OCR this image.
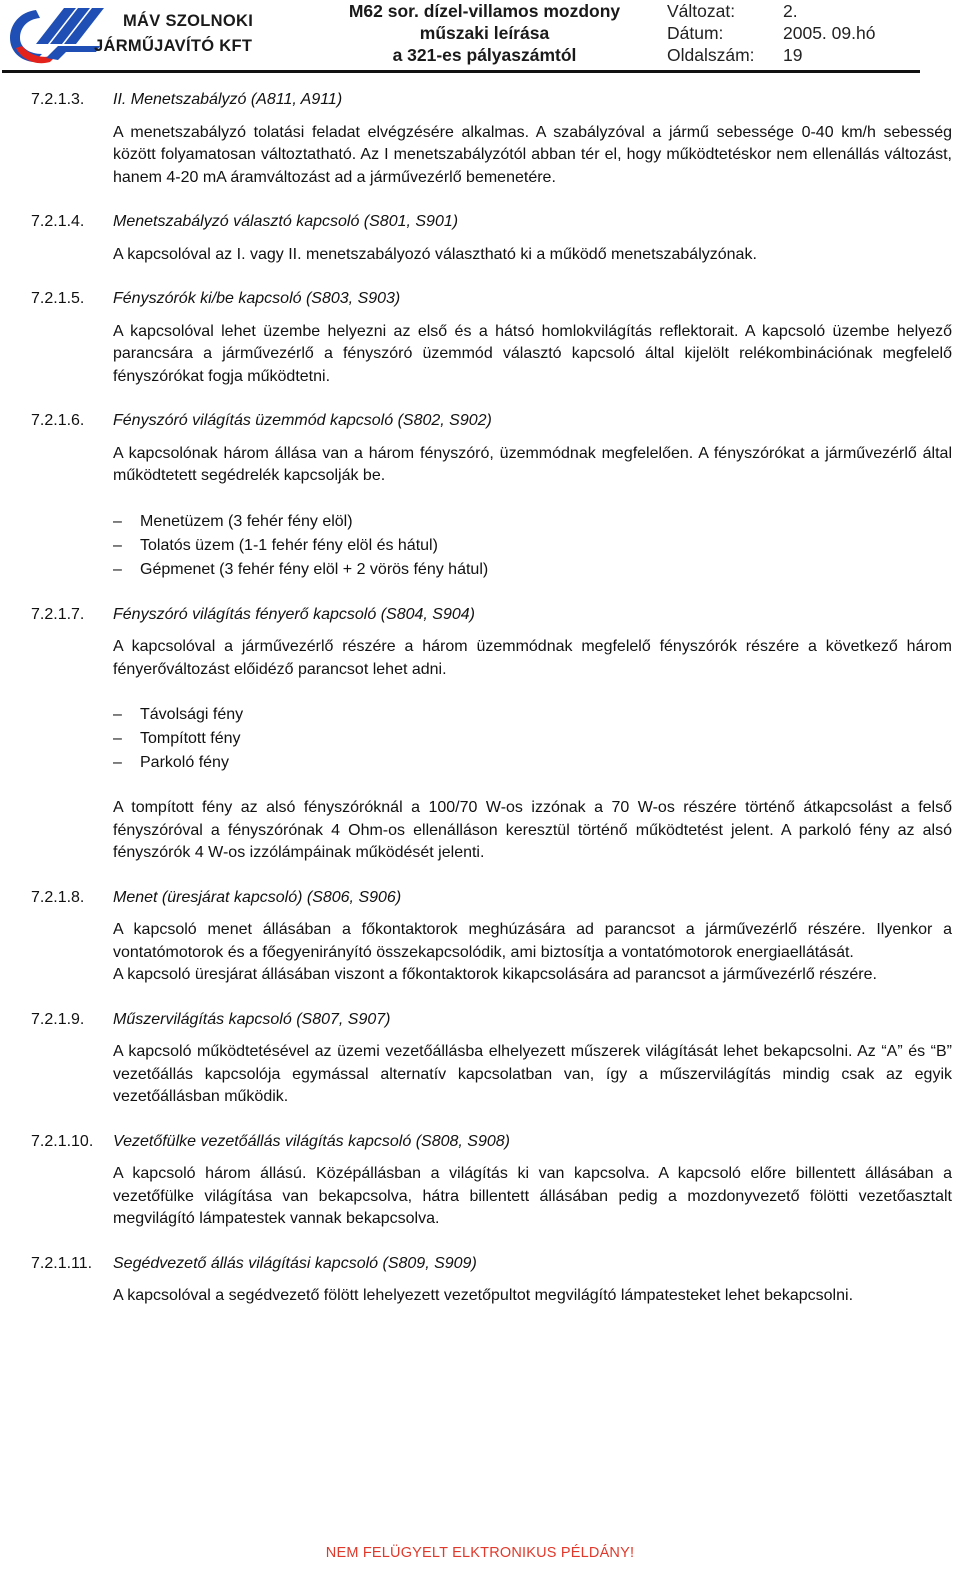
MÁV SZOLNOKI
JÁRMŰJAVÍTÓ KFT
M62 sor. dízel-villamos mozdony
műszaki leírása
a 321-es pályaszámtól
Változat:	2.
Dátum:	2005. 09.hó
Oldalszám:	19
7.2.1.3.	II. Menetszabályzó (A811, A911)
A menetszabályzó tolatási feladat elvégzésére alkalmas. A szabályzóval a jármű sebessége 0-40 km/h sebesség között folyamatosan változtatható. Az I menetszabályzótól abban tér el, hogy működtetéskor nem ellenállás változást, hanem 4-20 mA áramváltozást ad a járművezérlő bemenetére.
7.2.1.4.	Menetszabályzó választó kapcsoló (S801, S901)
A kapcsolóval az I. vagy II. menetszabályozó választható ki a működő menetszabályzónak.
7.2.1.5.	Fényszórók ki/be kapcsoló (S803, S903)
A kapcsolóval lehet üzembe helyezni az első és a hátsó homlokvilágítás reflektorait. A kapcsoló üzembe helyező parancsára a járművezérlő a fényszóró üzemmód választó kapcsoló által kijelölt relékombinációnak megfelelő fényszórókat fogja működtetni.
7.2.1.6.	Fényszóró világítás üzemmód kapcsoló (S802, S902)
A kapcsolónak három állása van a három fényszóró, üzemmódnak megfelelően. A fényszórókat a járművezérlő által működtetett segédrelék kapcsolják be.
–	Menetüzem (3 fehér fény elöl)
–	Tolatós üzem (1-1 fehér fény elöl és hátul)
–	Gépmenet (3 fehér fény elöl + 2 vörös fény hátul)
7.2.1.7.	Fényszóró világítás fényerő kapcsoló (S804, S904)
A kapcsolóval a járművezérlő részére a három üzemmódnak megfelelő fényszórók részére a következő három fényerőváltozást előidéző parancsot lehet adni.
–	Távolsági fény
–	Tompított fény
–	Parkoló fény
A tompított fény az alsó fényszóróknál a 100/70 W-os izzónak a 70 W-os részére történő átkapcsolást a felső fényszóróval a fényszórónak 4 Ohm-os ellenálláson keresztül történő működtetést jelent. A parkoló fény az alsó fényszórók 4 W-os izzólámpáinak működését jelenti.
7.2.1.8.	Menet (üresjárat kapcsoló) (S806, S906)
A kapcsoló menet állásában a főkontaktorok meghúzására ad parancsot a járművezérlő részére. Ilyenkor a vontatómotorok és a főegyenirányító összekapcsolódik, ami biztosítja a vontatómotorok energiaellátását.
A kapcsoló üresjárat állásában viszont a főkontaktorok kikapcsolására ad parancsot a járművezérlő részére.
7.2.1.9.	Műszervilágítás kapcsoló (S807, S907)
A kapcsoló működtetésével az üzemi vezetőállásba elhelyezett műszerek világítását lehet bekapcsolni. Az “A” és “B” vezetőállás kapcsolója egymással alternatív kapcsolatban van, így a műszervilágítás mindig csak az egyik vezetőállásban működik.
7.2.1.10.	Vezetőfülke vezetőállás világítás kapcsoló (S808, S908)
A kapcsoló három állású. Középállásban a világítás ki van kapcsolva. A kapcsoló előre billentett állásában a vezetőfülke világítása van bekapcsolva, hátra billentett állásában pedig a mozdonyvezető fölötti vezetőasztalt megvilágító lámpatestek vannak bekapcsolva.
7.2.1.11.	Segédvezető állás világítási kapcsoló (S809, S909)
A kapcsolóval a segédvezető fölött lehelyezett vezetőpultot megvilágító lámpatesteket lehet bekapcsolni.
NEM FELÜGYELT ELKTRONIKUS PÉLDÁNY!
